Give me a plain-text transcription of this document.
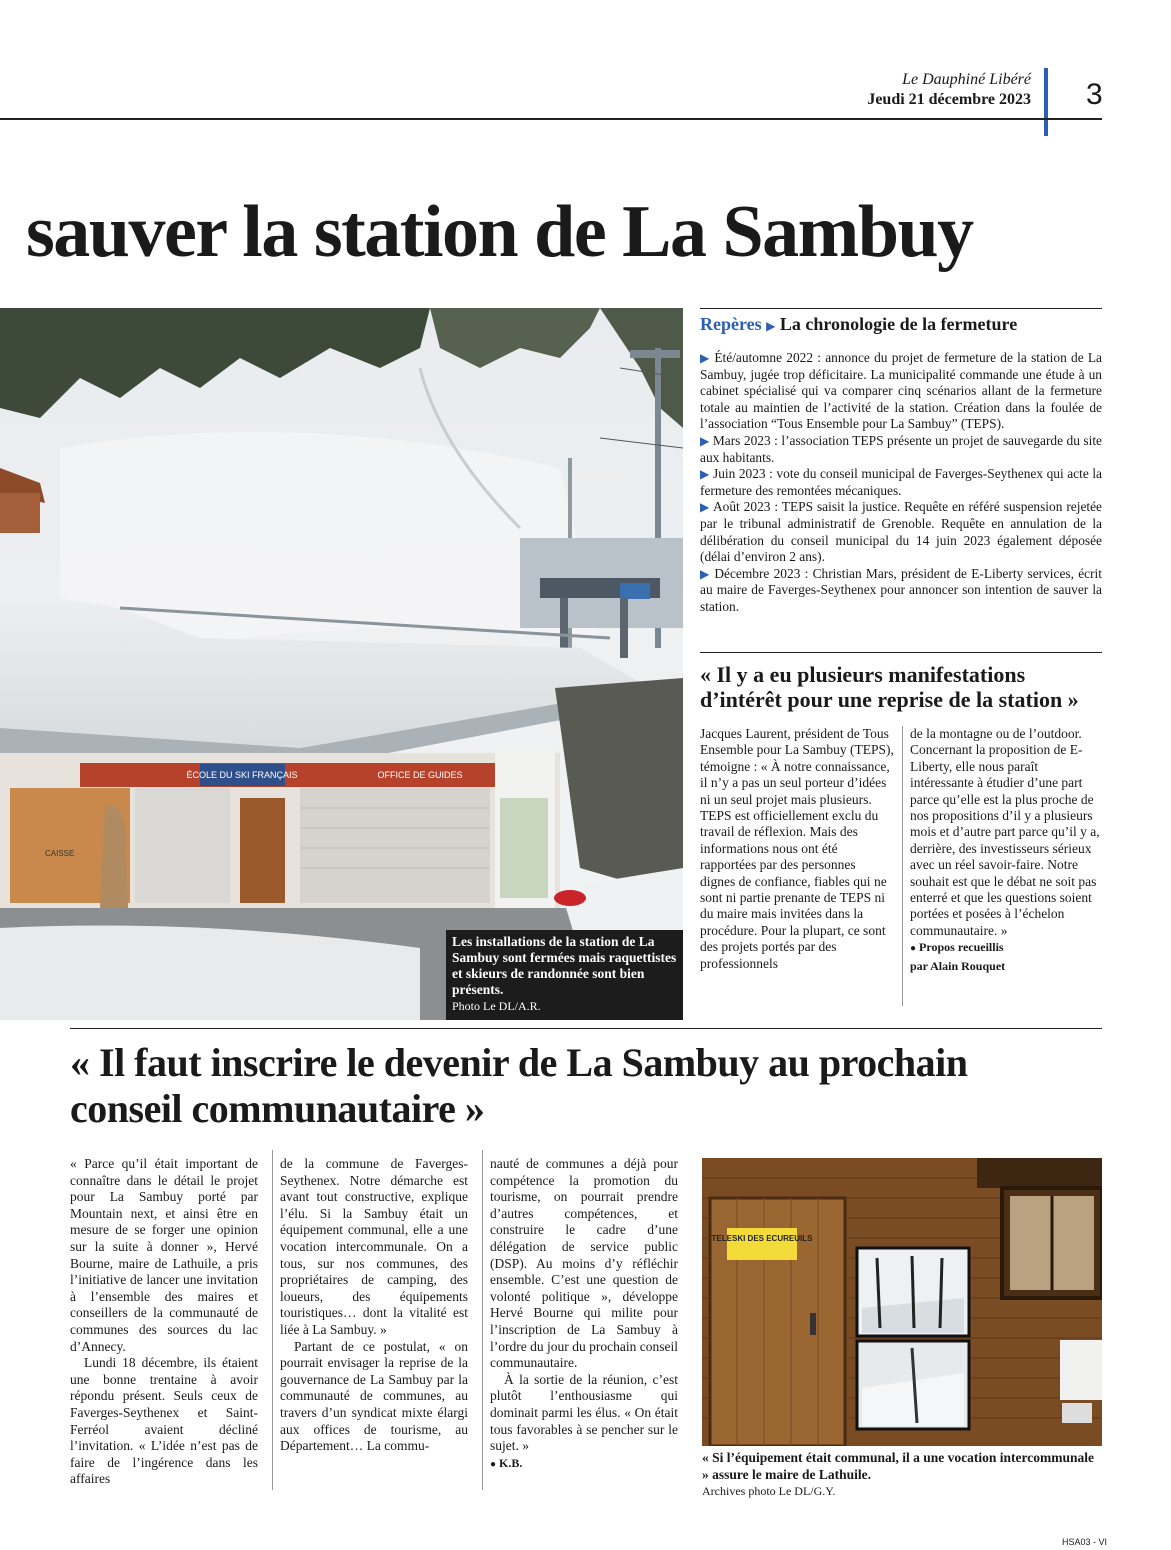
Le Dauphiné Libéré
Jeudi 21 décembre 2023 3
sauver la station de La Sambuy
ÉCOLE DU SKI FRANÇAIS	OFFICE DE GUIDES
CAISSE
Les installations de la station de La Sambuy sont fermées mais raquettistes et skieurs de randonnée sont bien présents.
Photo Le DL/A.R.
Repères ▶ La chronologie de la fermeture
▶ Été/automne 2022 : annonce du projet de fermeture de la station de La Sambuy, jugée trop déficitaire. La municipalité commande une étude à un cabinet spécialisé qui va comparer cinq scénarios allant de la fermeture totale au maintien de l’activité de la station. Création dans la foulée de l’association “Tous Ensemble pour La Sambuy” (TEPS).
▶ Mars 2023 : l’association TEPS présente un projet de sauvegarde du site aux habitants.
▶ Juin 2023 : vote du conseil municipal de Faverges-Seythenex qui acte la fermeture des remontées mécaniques.
▶ Août 2023 : TEPS saisit la justice. Requête en référé suspension rejetée par le tribunal administratif de Grenoble. Requête en annulation de la délibération du conseil municipal du 14 juin 2023 également déposée (délai d’environ 2 ans).
▶ Décembre 2023 : Christian Mars, président de E-Liberty services, écrit au maire de Faverges-Seythenex pour annoncer son intention de sauver la station.
« Il y a eu plusieurs manifestations d’intérêt pour une reprise de la station »
Jacques Laurent, président de Tous Ensemble pour La Sambuy (TEPS), témoigne : « À notre connaissance, il n’y a pas un seul porteur d’idées ni un seul projet mais plusieurs. TEPS est officiellement exclu du travail de réflexion. Mais des informations nous ont été rapportées par des personnes dignes de confiance, fiables qui ne sont ni partie prenante de TEPS ni du maire mais invitées dans la procédure. Pour la plupart, ce sont des projets portés par des professionnels
de la montagne ou de l’outdoor. Concernant la proposition de E-Liberty, elle nous paraît intéressante à étudier d’une part parce qu’elle est la plus proche de nos propositions d’il y a plusieurs mois et d’autre part parce qu’il y a, derrière, des investisseurs sérieux avec un réel savoir-faire. Notre souhait est que le débat ne soit pas enterré et que les questions soient portées et posées à l’échelon communautaire. »
● Propos recueillis
par Alain Rouquet
« Il faut inscrire le devenir de La Sambuy au prochain conseil communautaire »
« Parce qu’il était important de connaître dans le détail le projet pour La Sambuy porté par Mountain next, et ainsi être en mesure de se forger une opinion sur la suite à donner », Hervé Bourne, maire de Lathuile, a pris l’initiative de lancer une invitation à l’ensemble des maires et conseillers de la communauté de communes des sources du lac d’Annecy.
Lundi 18 décembre, ils étaient une bonne trentaine à avoir répondu présent. Seuls ceux de Faverges-Seythenex et Saint-Ferréol avaient décliné l’invitation. « L’idée n’est pas de faire de l’ingérence dans les affaires
de la commune de Faverges-Seythenex. Notre démarche est avant tout constructive, explique l’élu. Si la Sambuy était un équipement communal, elle a une vocation intercommunale. On a tous, sur nos communes, des propriétaires de camping, des loueurs, des équipements touristiques… dont la vitalité est liée à La Sambuy. »
Partant de ce postulat, « on pourrait envisager la reprise de la gouvernance de La Sambuy par la communauté de communes, au travers d’un syndicat mixte élargi aux offices de tourisme, au Département… La commu-
nauté de communes a déjà pour compétence la promotion du tourisme, on pourrait prendre d’autres compétences, et construire le cadre d’une délégation de service public (DSP). Au moins d’y réfléchir ensemble. C’est une question de volonté politique », développe Hervé Bourne qui milite pour l’inscription de La Sambuy à l’ordre du jour du prochain conseil communautaire.
À la sortie de la réunion, c’est plutôt l’enthousiasme qui dominait parmi les élus. « On était tous favorables à se pencher sur le sujet. »
● K.B.
TELESKI DES ECUREUILS
« Si l’équipement était communal, il a une vocation intercommunale » assure le maire de Lathuile.
Archives photo Le DL/G.Y.
HSA03 - VI
